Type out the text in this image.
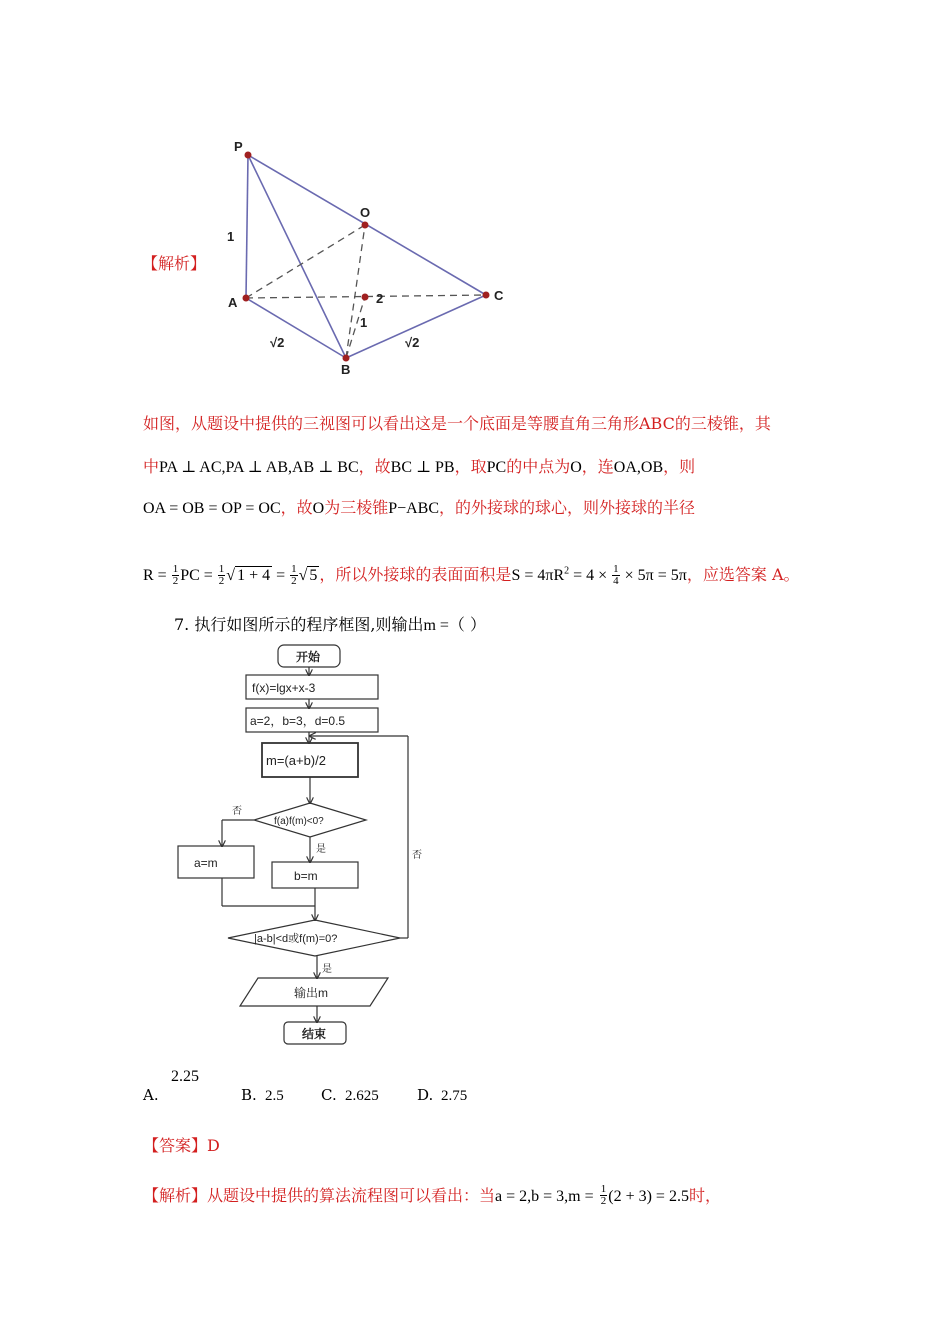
P
O
A	C
B
1
2
1
√2	√2
【解析】
如图，从题设中提供的三视图可以看出这是一个底面是等腰直角三角形ABC的三棱锥，其
中PA ⊥ AC,PA ⊥ AB,AB ⊥ BC，故BC ⊥ PB，取PC的中点为O，连OA,OB，则
OA = OB = OP = OC，故O为三棱锥P−ABC，的外接球的球心，则外接球的半径
$R = \frac{1}{2}$ PC = $\frac{1}{2}$ √ $1 + 4 = \frac{1}{2}$ √ 5 ，所以外接球的表面面积是$S = 4\pi R^2 = 4 \times \frac{1}{4} \times 5\pi = 5\pi$，应选答案 A。
7. 执行如图所示的程序框图,则输出m =（ ）
开始
f(x)=lgx+x-3
a=2，b=3，d=0.5
m=(a+b)/2
f(a)f(m)<0?
否
是
a=m
b=m
|a-b|<d或f(m)=0?
否
是
输出m
结束
A.
2.25
B. 2.5 C. 2.625	D. 2.75
【答案】D
【解析】从题设中提供的算法流程图可以看出：当$a = 2,b = 3,m = \frac{1}{2} (2 + 3) = 2.5$时，
